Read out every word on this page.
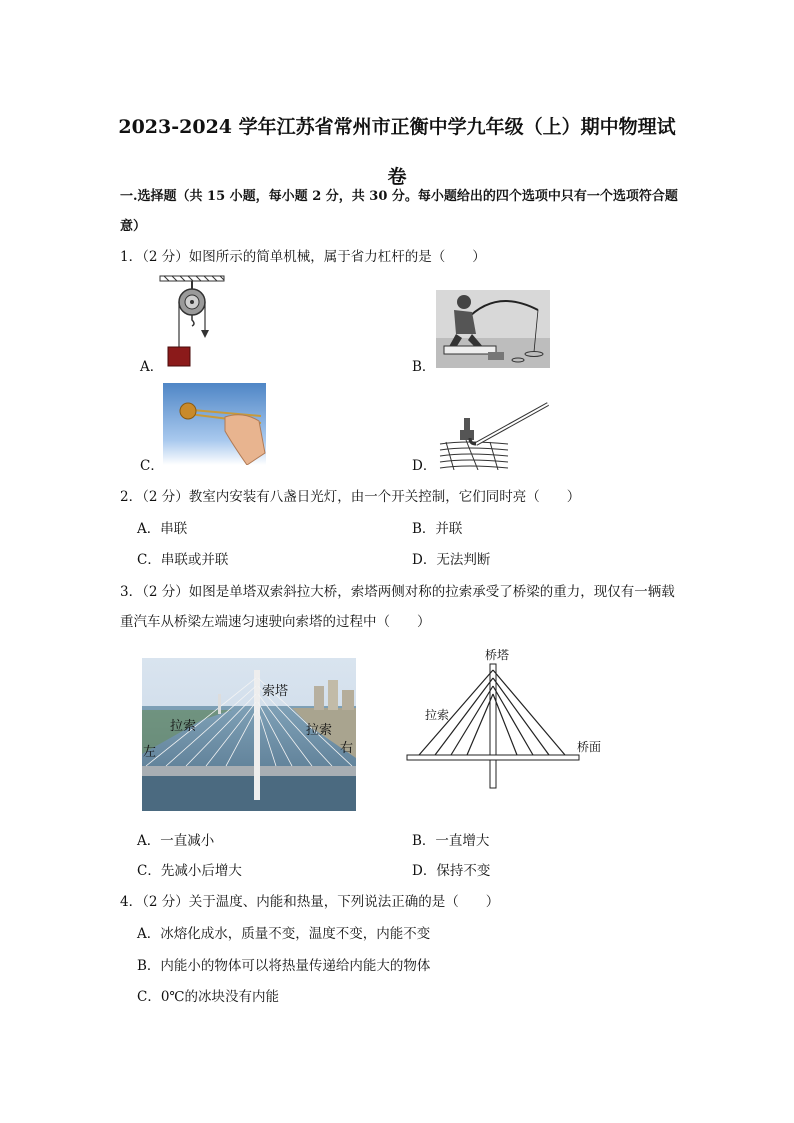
2023-2024 学年江苏省常州市正衡中学九年级（上）期中物理试
卷
一.选择题（共 15 小题，每小题 2 分，共 30 分。每小题给出的四个选项中只有一个选项符合题意）
1．（2 分）如图所示的简单机械，属于省力杠杆的是（　　）
A．	B．
C．	D．
2．（2 分）教室内安装有八盏日光灯，由一个开关控制，它们同时亮（　　）
A．串联	B．并联
C．串联或并联	D．无法判断
3．（2 分）如图是单塔双索斜拉大桥，索塔两侧对称的拉索承受了桥梁的重力，现仅有一辆载重汽车从桥梁左端速匀速驶向索塔的过程中（　　）
索塔
拉索	拉索
左	右
桥塔
拉索
桥面
A．一直减小	B．一直增大
C．先减小后增大	D．保持不变
4．（2 分）关于温度、内能和热量，下列说法正确的是（　　）
A．冰熔化成水，质量不变，温度不变，内能不变
B．内能小的物体可以将热量传递给内能大的物体
C．0℃的冰块没有内能
